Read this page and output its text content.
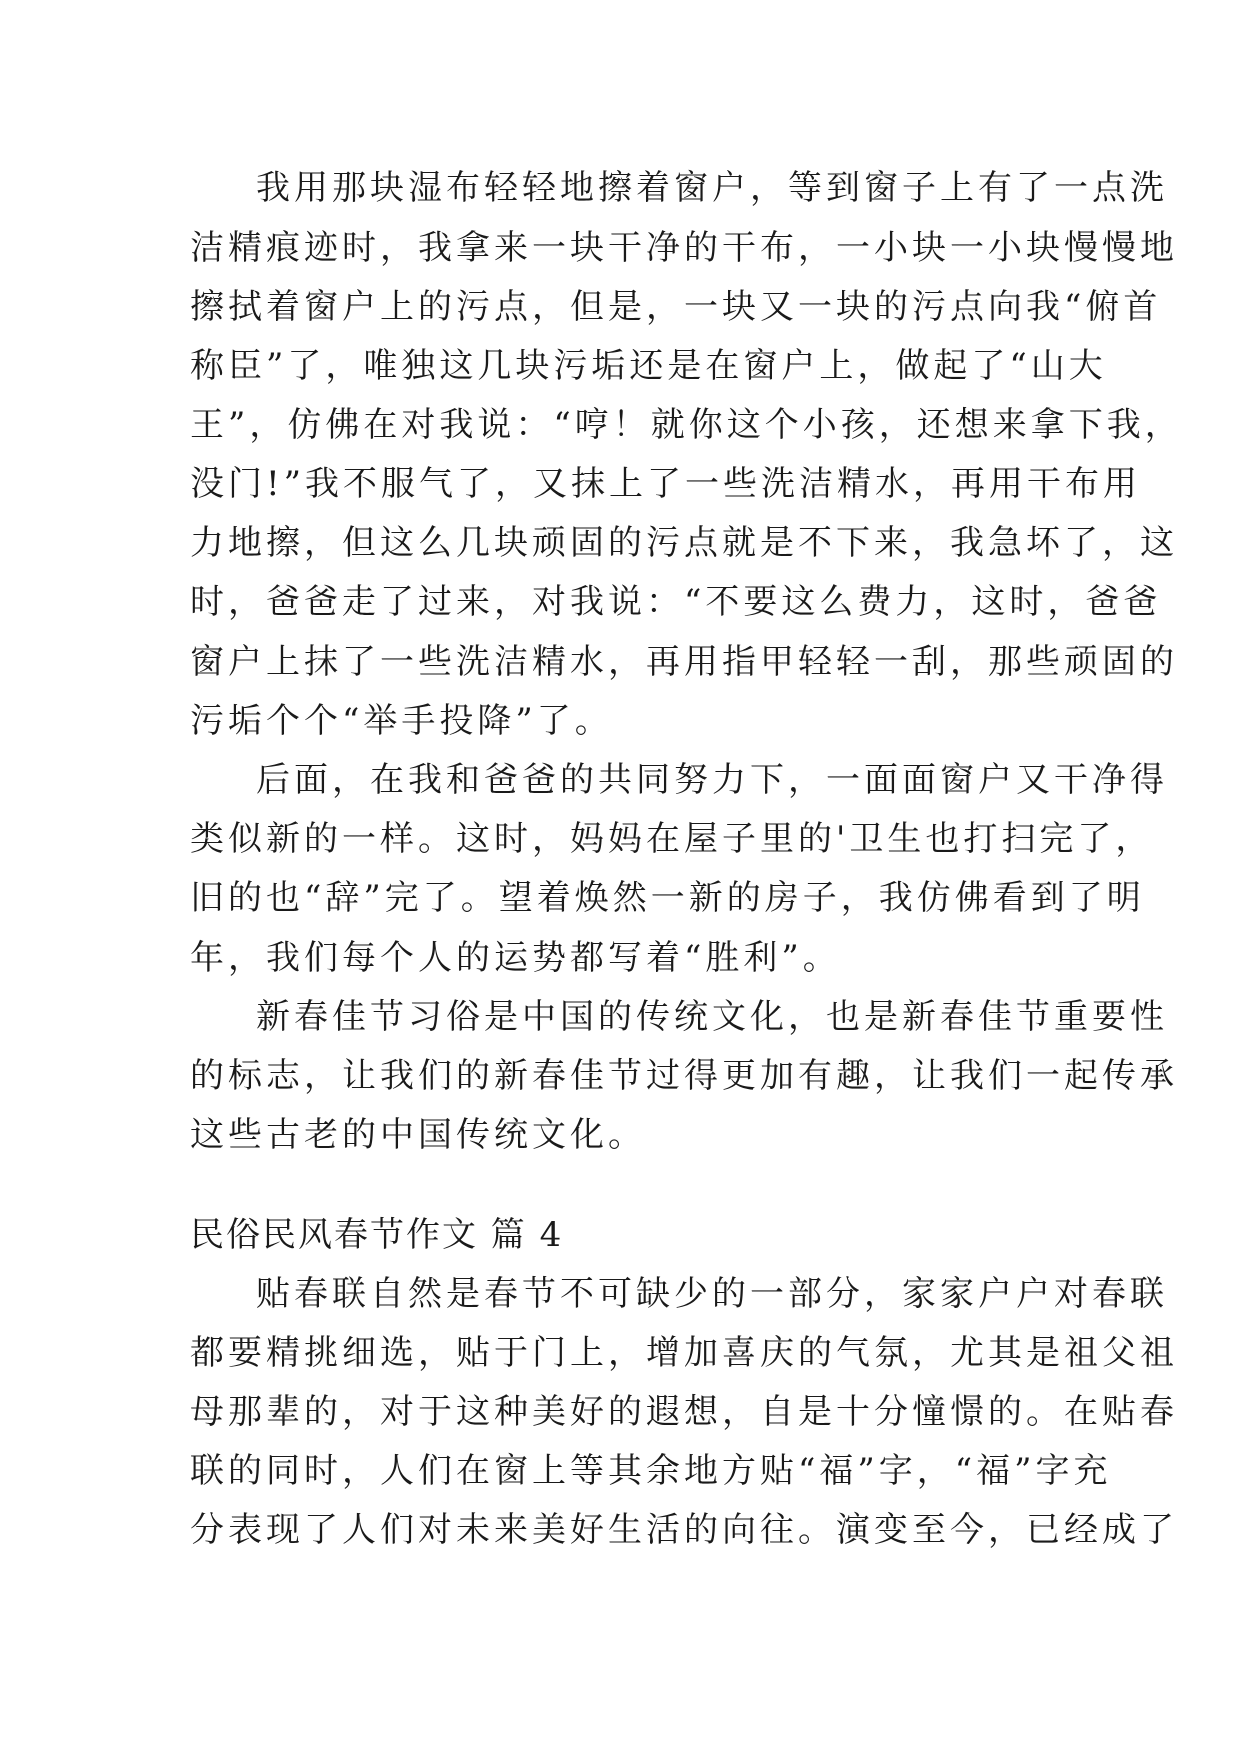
我用那块湿布轻轻地擦着窗户，等到窗子上有了一点洗
洁精痕迹时，我拿来一块干净的干布，一小块一小块慢慢地
擦拭着窗户上的污点，但是，一块又一块的污点向我“俯首
称臣”了，唯独这几块污垢还是在窗户上，做起了“山大
王”，仿佛在对我说：“哼！就你这个小孩，还想来拿下我，
没门!”我不服气了，又抹上了一些洗洁精水，再用干布用
力地擦，但这么几块顽固的污点就是不下来，我急坏了，这
时，爸爸走了过来，对我说：“不要这么费力，这时，爸爸
窗户上抹了一些洗洁精水，再用指甲轻轻一刮，那些顽固的
污垢个个“举手投降”了。
后面，在我和爸爸的共同努力下，一面面窗户又干净得
类似新的一样。这时，妈妈在屋子里的'卫生也打扫完了，
旧的也“辞”完了。望着焕然一新的房子，我仿佛看到了明
年，我们每个人的运势都写着“胜利”。
新春佳节习俗是中国的传统文化，也是新春佳节重要性
的标志，让我们的新春佳节过得更加有趣，让我们一起传承
这些古老的中国传统文化。
民俗民风春节作文 篇 4
贴春联自然是春节不可缺少的一部分，家家户户对春联
都要精挑细选，贴于门上，增加喜庆的气氛，尤其是祖父祖
母那辈的，对于这种美好的遐想，自是十分憧憬的。在贴春
联的同时，人们在窗上等其余地方贴“福”字，“福”字充
分表现了人们对未来美好生活的向往。演变至今，已经成了
